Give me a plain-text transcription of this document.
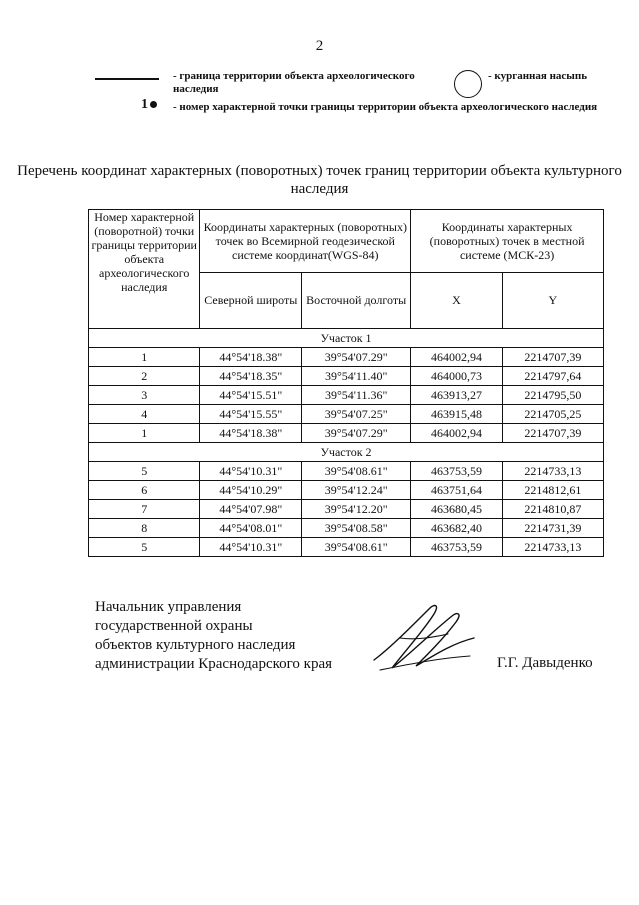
2
- граница территории объекта археологического наследия
- курганная насыпь
1	- номер характерной точки границы территории объекта археологического наследия
Перечень координат характерных (поворотных) точек границ территории объекта культурного наследия
Номер характерной (поворотной) точки границы территории объекта археологического наследия	Координаты характерных (поворотных) точек во Всемирной геодезической системе координат(WGS-84)		Координаты характерных (поворотных) точек в местной системе (МСК-23)	
	Северной широты	Восточной долготы	X	Y
Участок 1				
1	44°54'18.38"	39°54'07.29"	464002,94	2214707,39
2	44°54'18.35"	39°54'11.40"	464000,73	2214797,64
3	44°54'15.51"	39°54'11.36"	463913,27	2214795,50
4	44°54'15.55"	39°54'07.25"	463915,48	2214705,25
1	44°54'18.38"	39°54'07.29"	464002,94	2214707,39
Участок 2				
5	44°54'10.31"	39°54'08.61"	463753,59	2214733,13
6	44°54'10.29"	39°54'12.24"	463751,64	2214812,61
7	44°54'07.98"	39°54'12.20"	463680,45	2214810,87
8	44°54'08.01"	39°54'08.58"	463682,40	2214731,39
5	44°54'10.31"	39°54'08.61"	463753,59	2214733,13
Начальник управления
государственной охраны
объектов культурного наследия
администрации Краснодарского края	Г.Г. Давыденко
